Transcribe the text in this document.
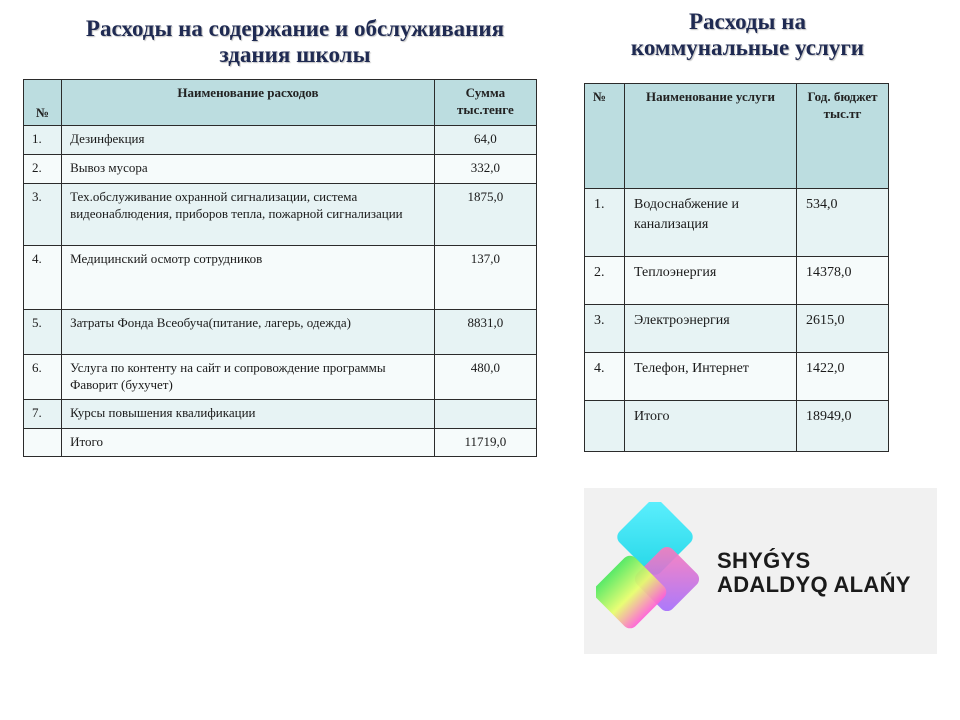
Расходы на содержание и обслуживания
здания школы
Расходы на
коммунальные услуги
№	Наименование расходов	Сумма тыс.тенге
1.	Дезинфекция	64,0
2.	Вывоз мусора	332,0
3.	Тех.обслуживание охранной сигнализации, система видеонаблюдения, приборов тепла, пожарной сигнализации	1875,0
4.	Медицинский осмотр сотрудников	137,0
5.	Затраты Фонда Всеобуча(питание, лагерь, одежда)	8831,0
6.	Услуга по контенту на сайт и сопровождение программы Фаворит (бухучет)	480,0
7.	Курсы повышения квалификации	
	Итого	11719,0
№	Наименование услуги	Год. бюджет тыс.тг
1.	Водоснабжение и канализация	534,0
2.	Теплоэнергия	14378,0
3.	Электроэнергия	2615,0
4.	Телефон, Интернет	1422,0
	Итого	18949,0
SHYǴYS
ADALDYQ ALAŃY
